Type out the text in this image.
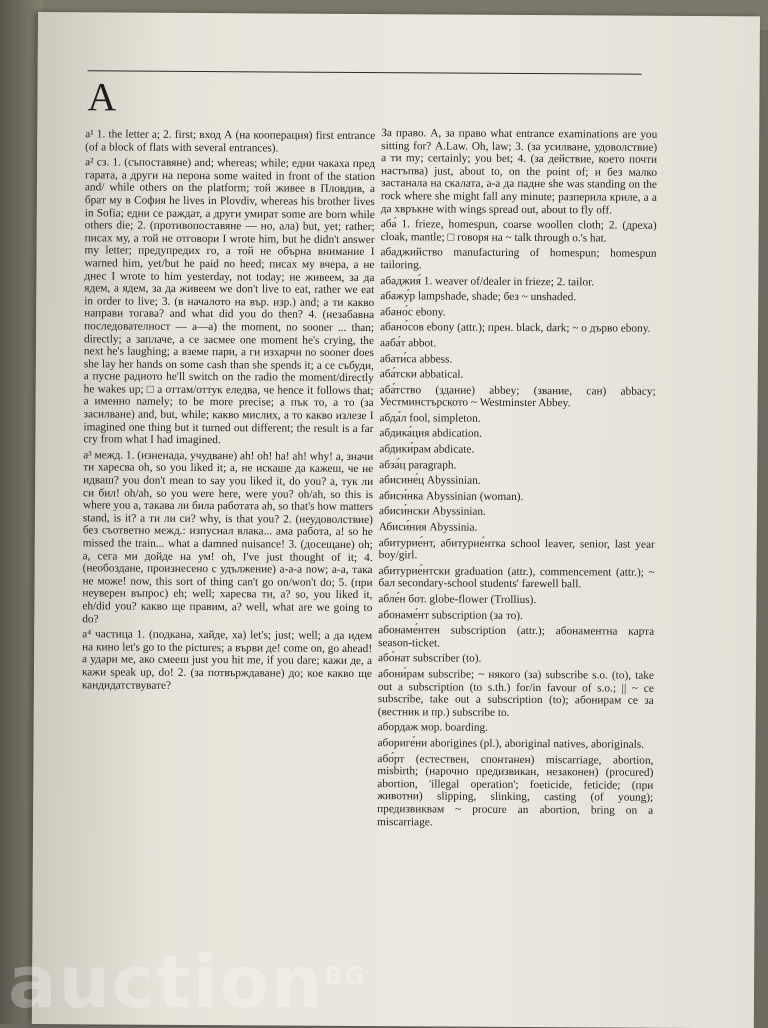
A

а¹ 1. the letter a; 2. first; вход А (на кооперация) first entrance (of a block of flats with several entrances).

а² сз. 1. (съпоставяне) and; whereas; while; едни чакаха пред гарата, а други на перона some waited in front of the station and/ while others on the platform; той живее в Пловдив, а брат му в София he lives in Plovdiv, whereas his brother lives in Sofia; едни се раждат, а други умират some are born while others die; 2. (противопоставяне — но, ала) but, yet; rather; писах му, а той не отговори I wrote him, but he didn't answer my letter; предупредих го, а той не обърна внимание I warned him, yet/but he paid no heed; писах му вчера, а не днес I wrote to him yesterday, not today; не живеем, за да ядем, а ядем, за да живеем we don't live to eat, rather we eat in order to live; 3. (в началото на вър. изр.) and; а ти какво направи тогава? and what did you do then? 4. (незабавна последователност — а—а) the moment, no sooner ... than; directly; а заплаче, а се засмее one moment he's crying, the next he's laughing; а вземе пари, а ги изхарчи no sooner does she lay her hands on some cash than she spends it; а се събуди, а пусне радиото he'll switch on the radio the moment/directly he wakes up; □ а оттам/оттук еледва, че hence it follows that; а именно namely; to be more precise; а пък то, а то (за засилване) and, but, while; какво мислих, а то какво излезе I imagined one thing but it turned out different; the result is a far cry from what I had imagined.

а³ межд. 1. (изненада, учудване) ah! oh! ha! ah! why! а, значи ти харесва oh, so you liked it; а, не искаше да кажеш, че не идваш? you don't mean to say you liked it, do you? а, тук ли си бил! oh/ah, so you were here, were you? oh/ah, so this is where you а, такава ли била работата ah, so that's how matters stand, is it? а ти ли си? why, is that you? 2. (неудоволствие) без съответно межд.: изпуснал влака... ама работа, а! so he missed the train... what a damned nuisance! 3. (досещане) oh; а, сега ми дойде на ум! oh, I've just thought of it; 4. (необоздане, произнесено с удължение) а-а-а now; а-а, така не може! now, this sort of thing can't go on/won't do; 5. (при неуверен въпрос) eh; well; харесва ти, а? so, you liked it, eh/did you? какво ще правим, а? well, what are we going to do?

а⁴ частица 1. (подкана, хайде, ха) let's; just; well; а да идем на кино let's go to the pictures; а върви де! come on, go ahead! а удари ме, ако смееш just you hit me, if you dare; кажи де, а кажи speak up, do! 2. (за потвърждаване) до; кое какво ще кандидатствувате?

За право. А, за право what entrance examinations are you sitting for? А.Law. Oh, law; 3. (за усилване, удоволствие) а ти my; certainly; you bet; 4. (за действие, което почти настъпва) just, about to, on the point of; и без малко застанала на скалата, а-а да падне she was standing on the rock where she might fall any minute; разперила крилe, а а да хвръкне with wings spread out, about to fly off.

аба́ 1. frieze, homespun, coarse woollen cloth; 2. (дреха) cloak, mantle; □ говоря на ~ talk through o.'s hat.

абаджийство manufacturing of homespun; homespun tailoring.

абаджия́ 1. weaver of/dealer in frieze; 2. tailor.

абажу́р lampshade, shade; без ~ unshaded.

абано́с ebony.

абано́сов ebony (attr.); прен. black, dark; ~ о дърво ebony.

ааба́т abbot.

абати́са abbess.

аба́тски abbatical.

аба́тство (здание) abbey; (звание, сан) abbacy; Уестминстърското ~ Westminster Abbey.

абда́л fool, simpleton.

абдика́ция abdication.

абдики́рам abdicate.

абза́ц paragraph.

абисине́ц Abyssinian.

абиси́нка Abyssinian (woman).

абиси́нски Abyssinian.

Абиси́ния Abyssinia.

абитурие́нт, абитурие́нтка school leaver, senior, last year boy/girl.

абитурие́нтски graduation (attr.), commencement (attr.); ~ бал secondary-school students' farewell ball.

абле́н бот. globe-flower (Trollius).

абонаме́нт subscription (за то).

абонаме́нтен subscription (attr.); абонаментна карта season-ticket.

або́нат subscriber (to).

абони́рам subscribe; ~ някого (за) subscribe s.o. (to), take out a subscription (to s.th.) for/in favour of s.o.; || ~ се subscribe, take out a subscription (to); абонирам се за (вестник и пр.) subscribe to.

абордаж мор. boarding.

абориге́ни aborigines (pl.), aboriginal natives, aboriginals.

або́рт (естествен, спонтанен) miscarriage, abortion, misbirth; (нарочно предизвикан, незаконен) (procured) abortion, 'illegal operation'; foeticide, feticide; (при животни) slipping, slinking, casting (of young); предизвиквам ~ procure an abortion, bring on a miscarriage.

auction$^{BG}$
